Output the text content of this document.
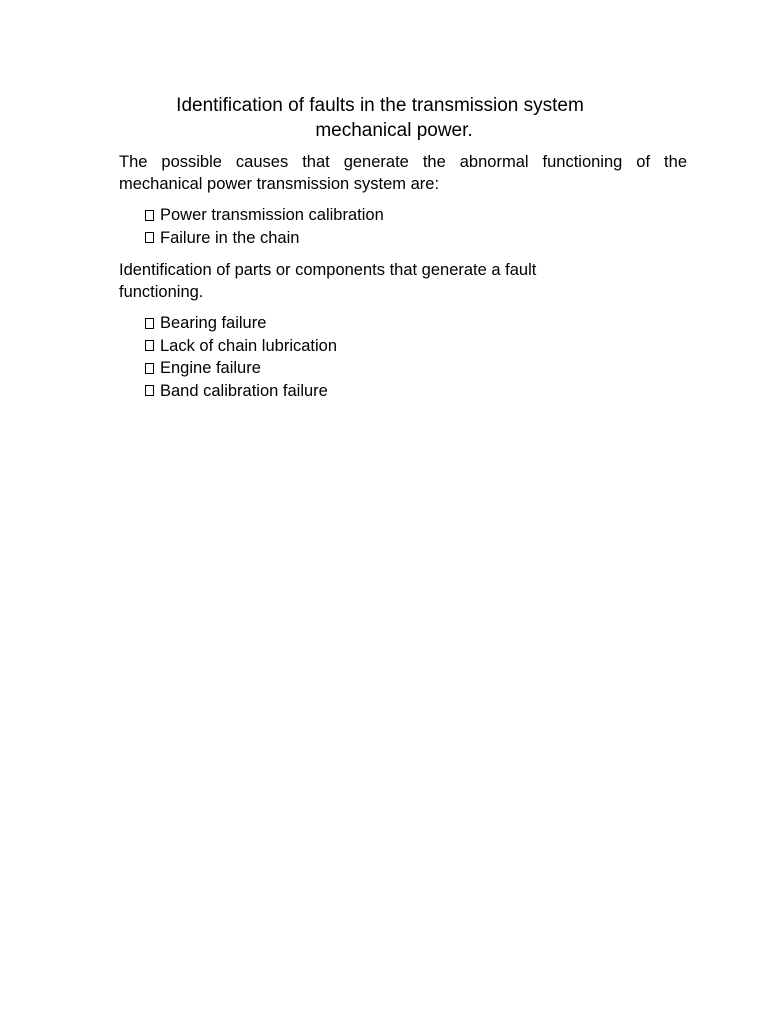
Identification of faults in the transmission system
mechanical power.

The possible causes that generate the abnormal functioning of the
mechanical power transmission system are:

Power transmission calibration
Failure in the chain

Identification of parts or components that generate a fault
functioning.

Bearing failure
Lack of chain lubrication
Engine failure
Band calibration failure
